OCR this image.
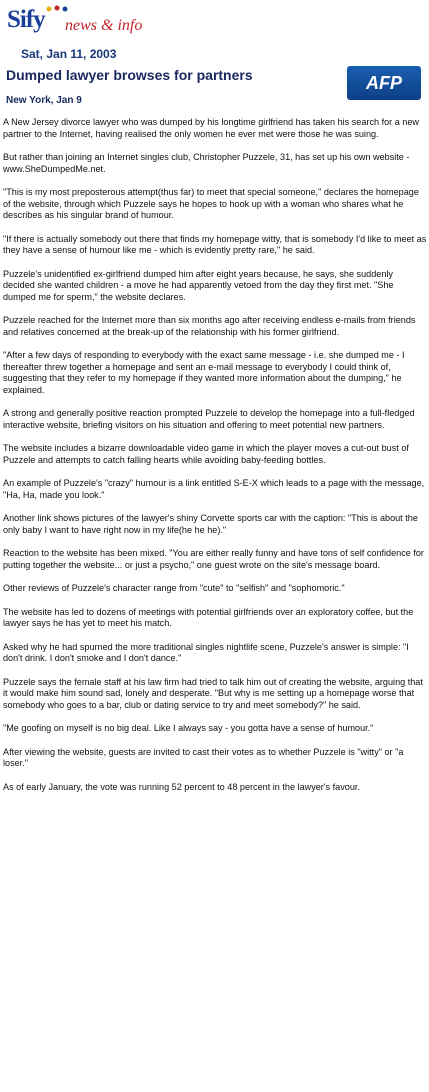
Sify news & info
Sat, Jan 11, 2003
Dumped lawyer browses for partners	AFP
New York, Jan 9

A New Jersey divorce lawyer who was dumped by his longtime girlfriend has taken his search for a new partner to the Internet, having realised the only women he ever met were those he was suing.

But rather than joining an Internet singles club, Christopher Puzzele, 31, has set up his own website - www.SheDumpedMe.net.

"This is my most preposterous attempt(thus far) to meet that special someone," declares the homepage of the website, through which Puzzele says he hopes to hook up with a woman who shares what he describes as his singular brand of humour.

"If there is actually somebody out there that finds my homepage witty, that is somebody I'd like to meet as they have a sense of humour like me - which is evidently pretty rare," he said.

Puzzele's unidentified ex-girlfriend dumped him after eight years because, he says, she suddenly decided she wanted children - a move he had apparently vetoed from the day they first met. "She dumped me for sperm," the website declares.

Puzzele reached for the Internet more than six months ago after receiving endless e-mails from friends and relatives concerned at the break-up of the relationship with his former girlfriend.

"After a few days of responding to everybody with the exact same message - i.e. she dumped me - I thereafter threw together a homepage and sent an e-mail message to everybody I could think of, suggesting that they refer to my homepage if they wanted more information about the dumping," he explained.

A strong and generally positive reaction prompted Puzzele to develop the homepage into a full-fledged interactive website, briefing visitors on his situation and offering to meet potential new partners.

The website includes a bizarre downloadable video game in which the player moves a cut-out bust of Puzzele and attempts to catch falling hearts while avoiding baby-feeding bottles.

An example of Puzzele's "crazy" humour is a link entitled S-E-X which leads to a page with the message, "Ha, Ha, made you look."

Another link shows pictures of the lawyer's shiny Corvette sports car with the caption: "This is about the only baby I want to have right now in my life(he he he)."

Reaction to the website has been mixed. "You are either really funny and have tons of self confidence for putting together the website... or just a psycho," one guest wrote on the site's message board.

Other reviews of Puzzele's character range from "cute" to "selfish" and "sophomoric."

The website has led to dozens of meetings with potential girlfriends over an exploratory coffee, but the lawyer says he has yet to meet his match.

Asked why he had spurned the more traditional singles nightlife scene, Puzzele's answer is simple: "I don't drink. I don't smoke and I don't dance."

Puzzele says the female staff at his law firm had tried to talk him out of creating the website, arguing that it would make him sound sad, lonely and desperate. "But why is me setting up a homepage worse that somebody who goes to a bar, club or dating service to try and meet somebody?" he said.

"Me goofing on myself is no big deal. Like I always say - you gotta have a sense of humour."

After viewing the website, guests are invited to cast their votes as to whether Puzzele is "witty" or "a loser."

As of early January, the vote was running 52 percent to 48 percent in the lawyer's favour.
